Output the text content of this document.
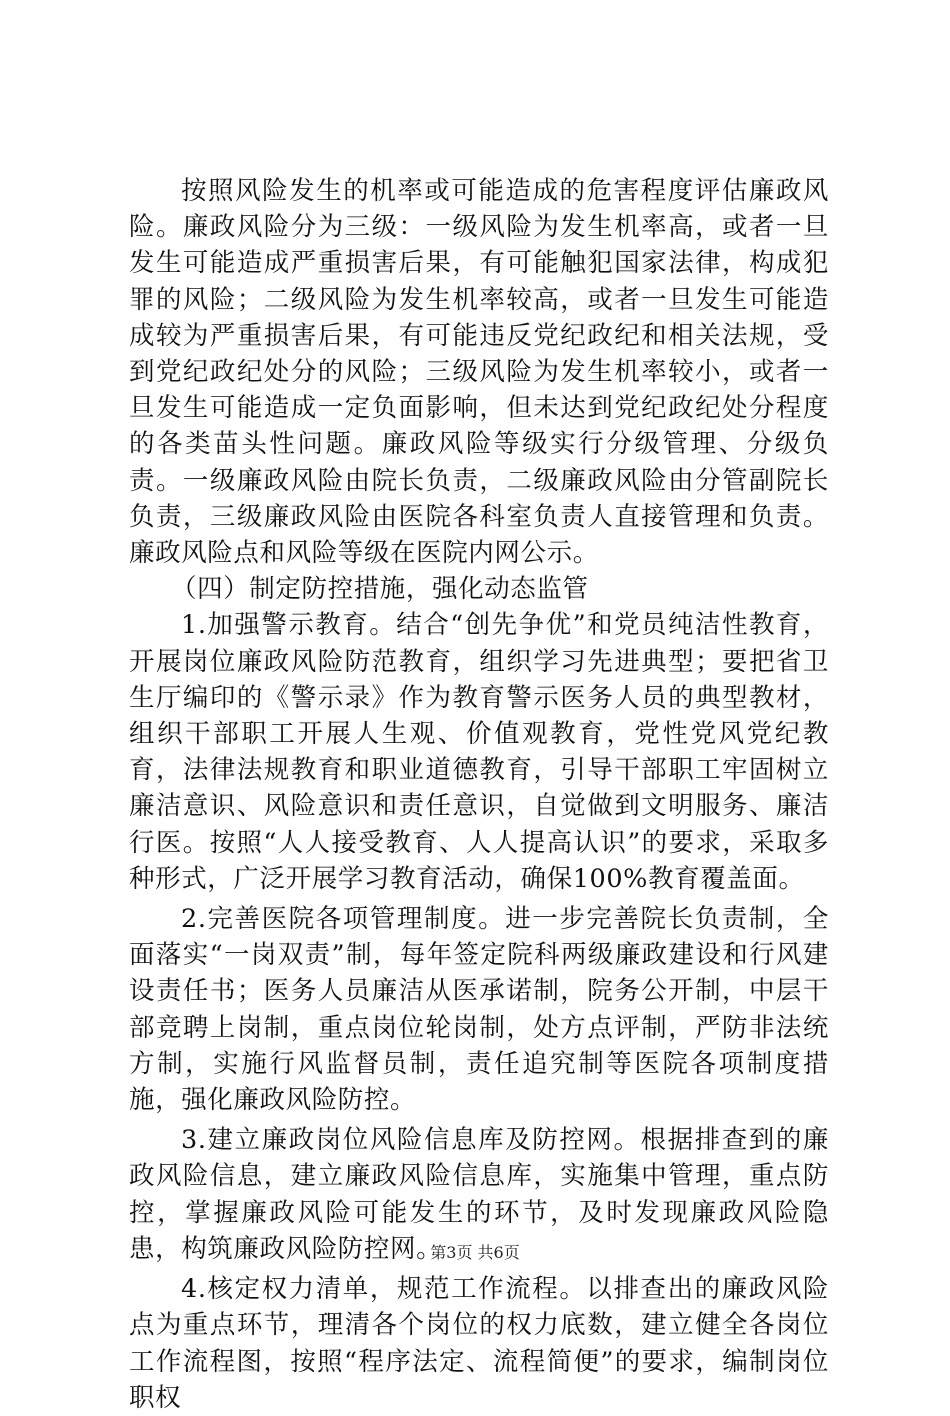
按照风险发生的机率或可能造成的危害程度评估廉政风险。廉政风险分为三级：一级风险为发生机率高，或者一旦发生可能造成严重损害后果，有可能触犯国家法律，构成犯罪的风险；二级风险为发生机率较高，或者一旦发生可能造成较为严重损害后果，有可能违反党纪政纪和相关法规，受到党纪政纪处分的风险；三级风险为发生机率较小，或者一旦发生可能造成一定负面影响，但未达到党纪政纪处分程度的各类苗头性问题。廉政风险等级实行分级管理、分级负责。一级廉政风险由院长负责，二级廉政风险由分管副院长负责，三级廉政风险由医院各科室负责人直接管理和负责。廉政风险点和风险等级在医院内网公示。

（四）制定防控措施，强化动态监管

1.加强警示教育。结合“创先争优”和党员纯洁性教育，开展岗位廉政风险防范教育，组织学习先进典型；要把省卫生厅编印的《警示录》作为教育警示医务人员的典型教材，组织干部职工开展人生观、价值观教育，党性党风党纪教育，法律法规教育和职业道德教育，引导干部职工牢固树立廉洁意识、风险意识和责任意识，自觉做到文明服务、廉洁行医。按照“人人接受教育、人人提高认识”的要求，采取多种形式，广泛开展学习教育活动，确保100%教育覆盖面。

2.完善医院各项管理制度。进一步完善院长负责制，全面落实“一岗双责”制，每年签定院科两级廉政建设和行风建设责任书；医务人员廉洁从医承诺制，院务公开制，中层干部竞聘上岗制，重点岗位轮岗制，处方点评制，严防非法统方制，实施行风监督员制，责任追究制等医院各项制度措施，强化廉政风险防控。

3.建立廉政岗位风险信息库及防控网。根据排查到的廉政风险信息，建立廉政风险信息库，实施集中管理，重点防控，掌握廉政风险可能发生的环节，及时发现廉政风险隐患，构筑廉政风险防控网。

4.核定权力清单，规范工作流程。以排查出的廉政风险点为重点环节，理清各个岗位的权力底数，建立健全各岗位工作流程图，按照“程序法定、流程简便”的要求，编制岗位职权

第3页 共6页
